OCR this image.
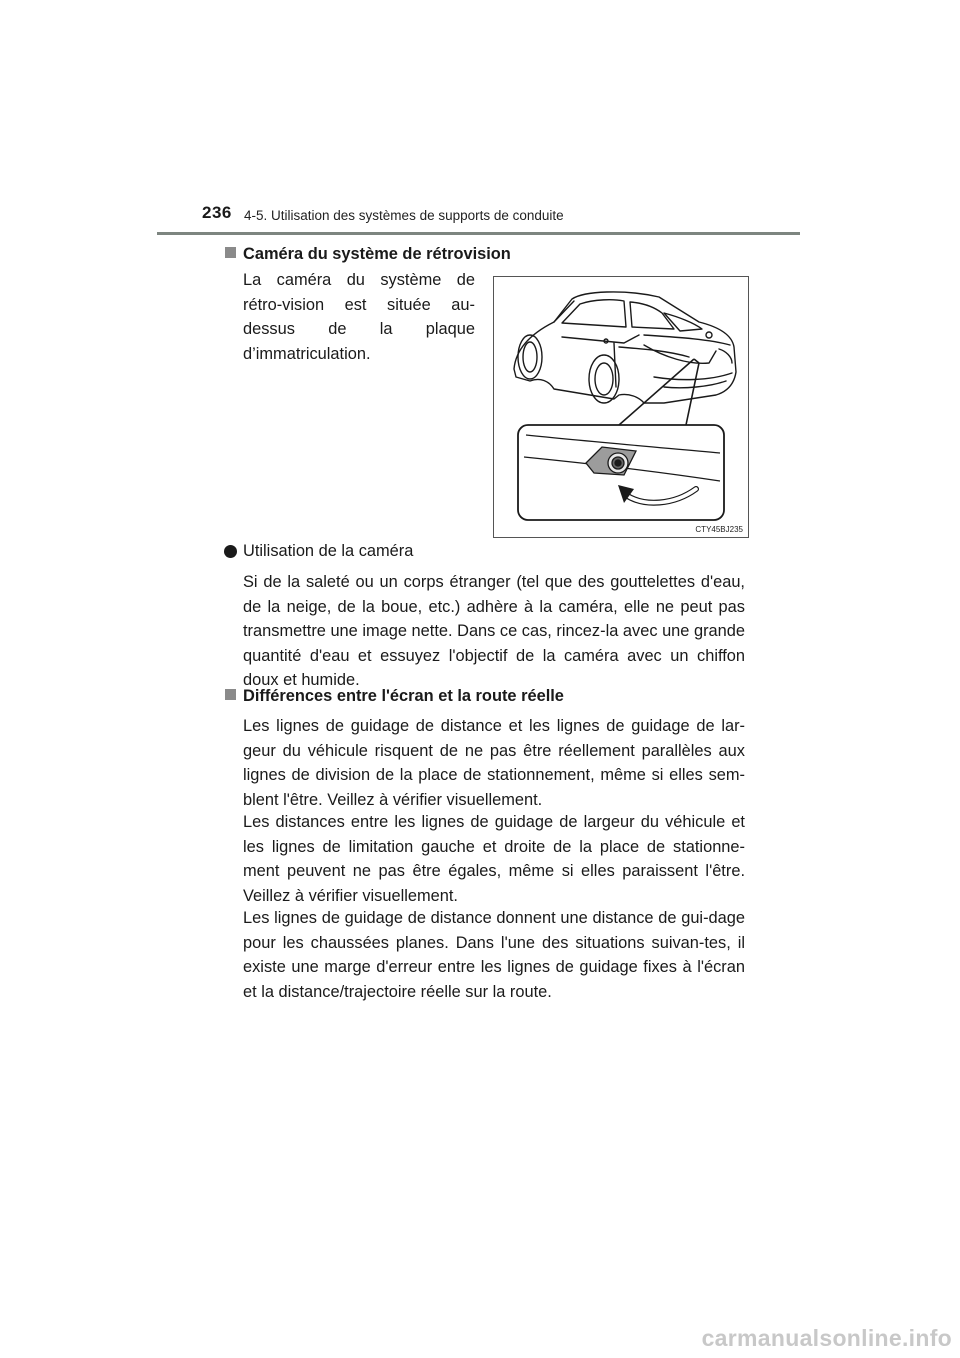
236 4-5. Utilisation des systèmes de supports de conduite
Caméra du système de rétrovision
La caméra du système de rétro-vision est située au-dessus de la plaque d’immatriculation.
CTY45BJ235
Utilisation de la caméra
Si de la saleté ou un corps étranger (tel que des gouttelettes d'eau, de la neige, de la boue, etc.) adhère à la caméra, elle ne peut pas transmettre une image nette. Dans ce cas, rincez-la avec une grande quantité d'eau et essuyez l'objectif de la caméra avec un chiffon doux et humide.
Différences entre l'écran et la route réelle
Les lignes de guidage de distance et les lignes de guidage de lar-geur du véhicule risquent de ne pas être réellement parallèles aux lignes de division de la place de stationnement, même si elles sem-blent l'être. Veillez à vérifier visuellement.
Les distances entre les lignes de guidage de largeur du véhicule et les lignes de limitation gauche et droite de la place de stationne-ment peuvent ne pas être égales, même si elles paraissent l'être. Veillez à vérifier visuellement.
Les lignes de guidage de distance donnent une distance de gui-dage pour les chaussées planes. Dans l'une des situations suivan-tes, il existe une marge d'erreur entre les lignes de guidage fixes à l'écran et la distance/trajectoire réelle sur la route.
carmanualsonline.info
